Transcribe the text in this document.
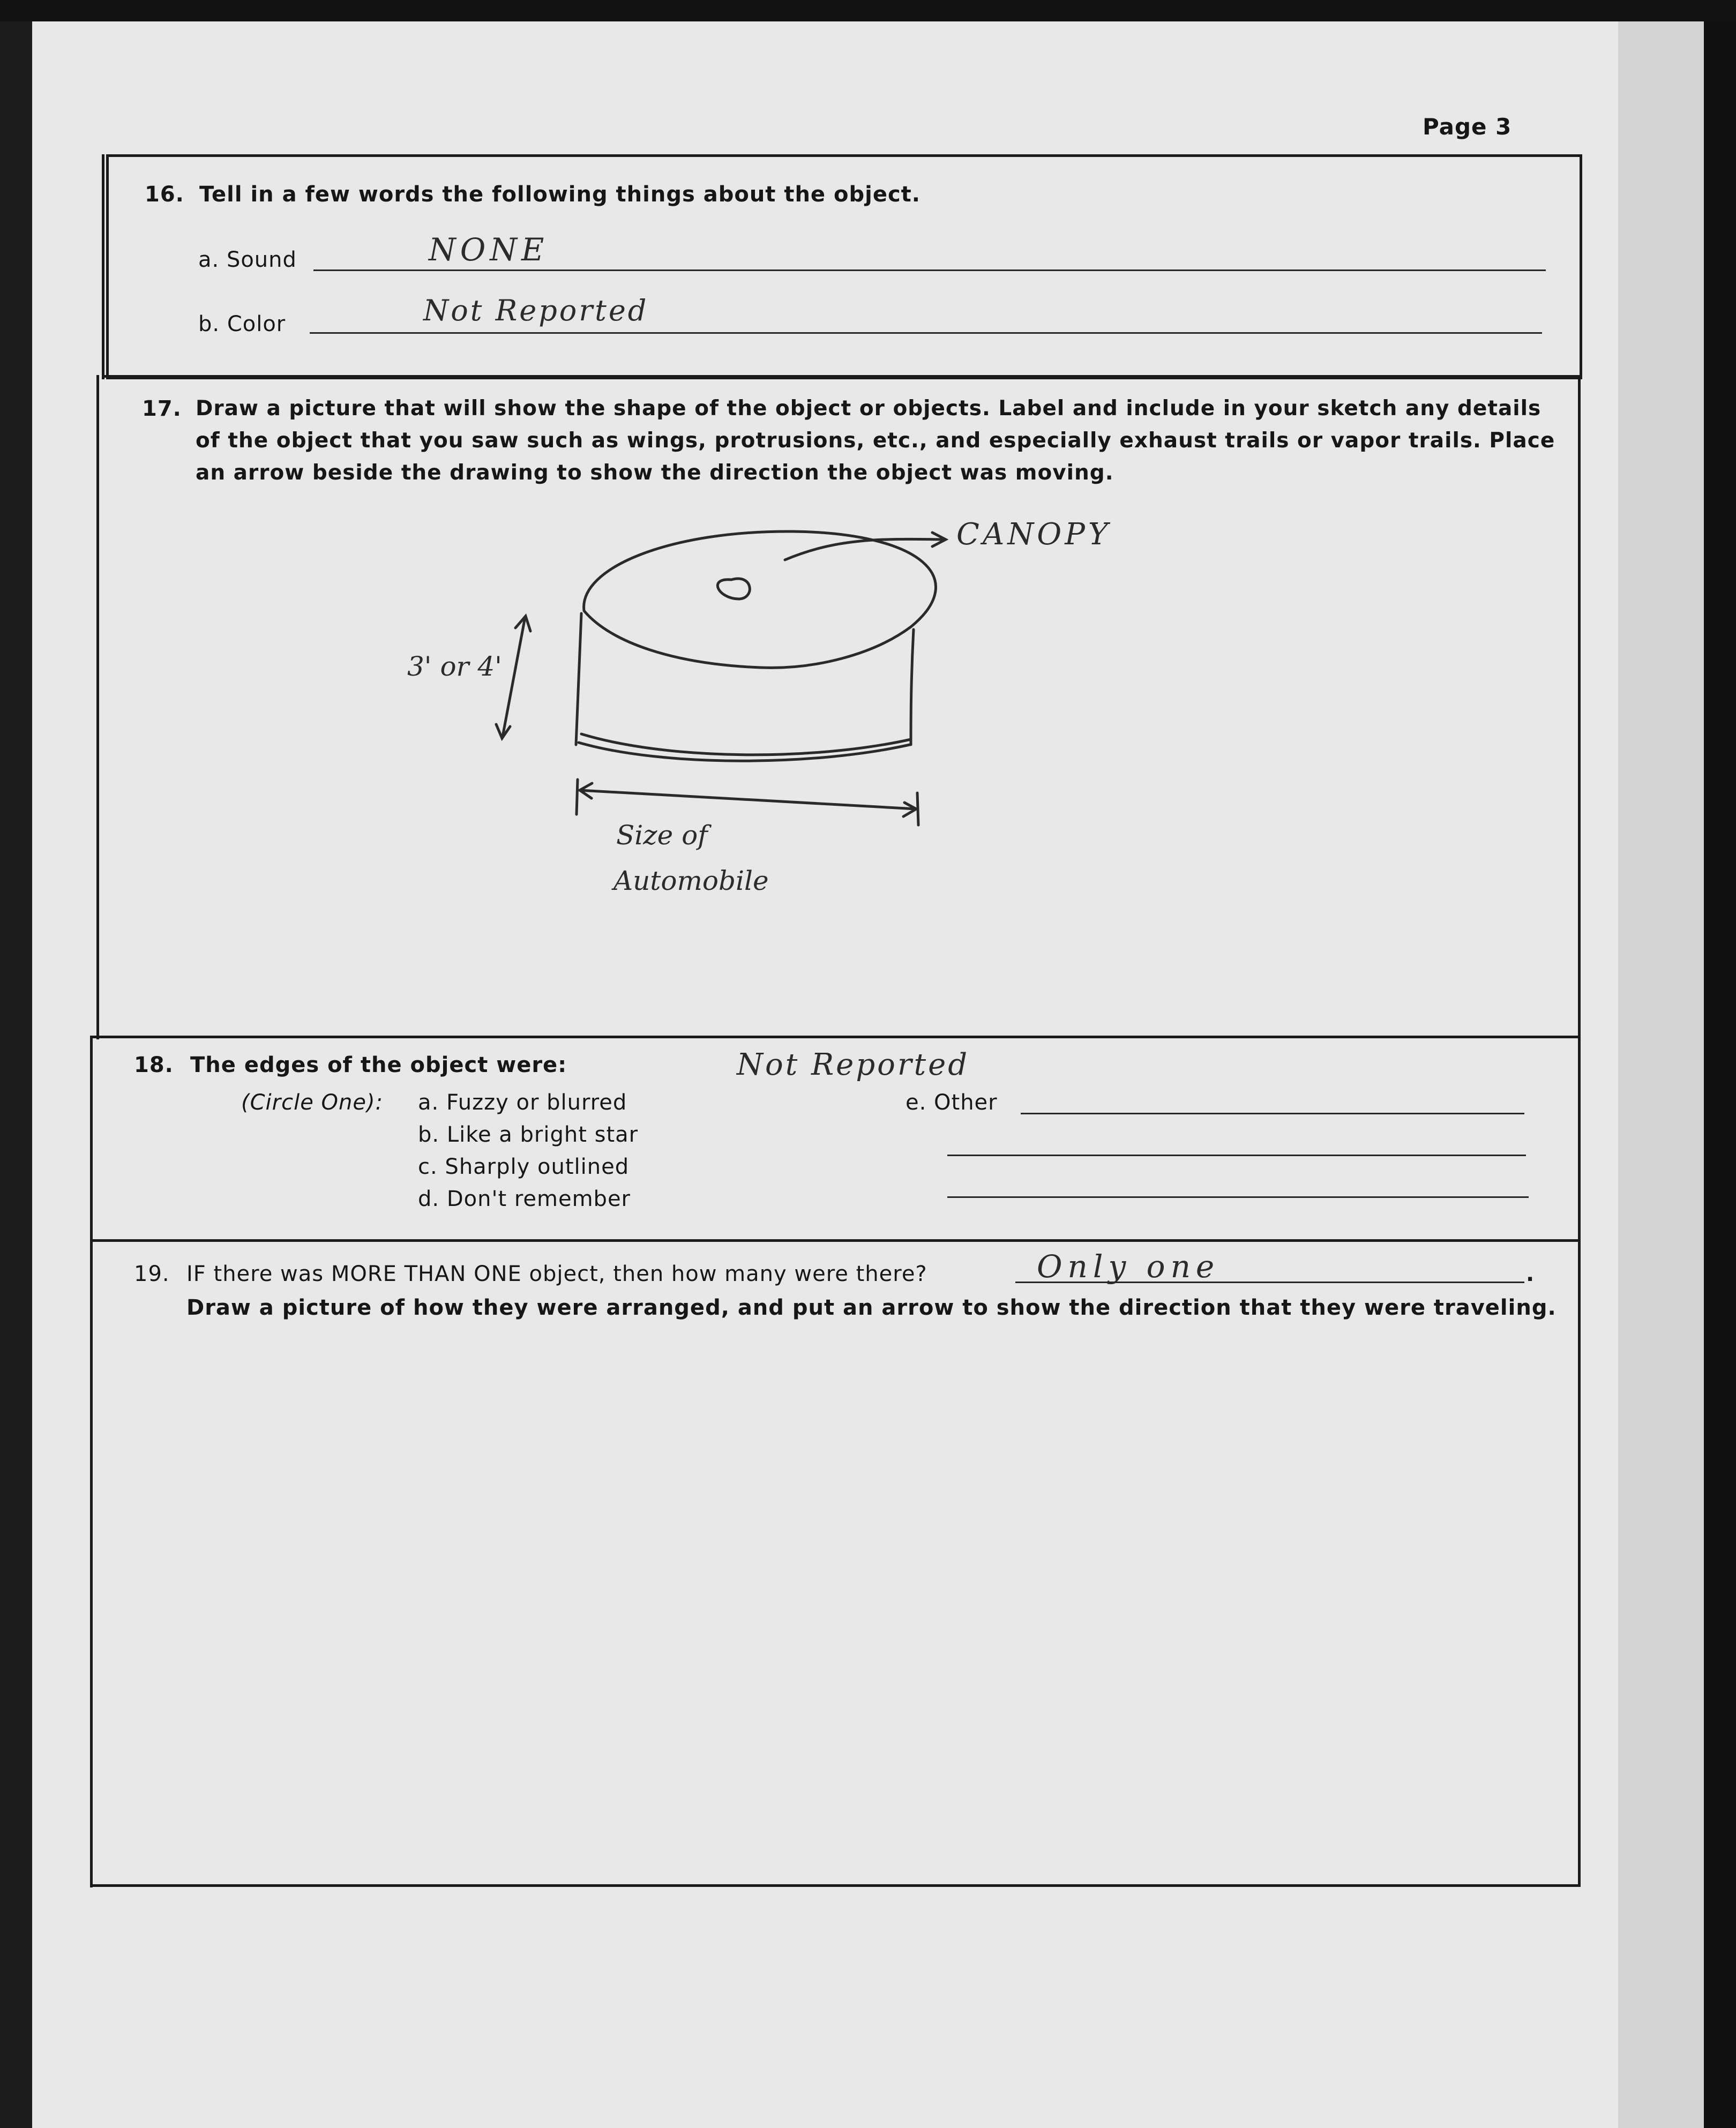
Page 3
16. Tell in a few words the following things about the object.
a. Sound	NONE
b. Color	Not Reported
17. Draw a picture that will show the shape of the object or objects. Label and include in your sketch any details
of the object that you saw such as wings, protrusions, etc., and especially exhaust trails or vapor trails. Place
an arrow beside the drawing to show the direction the object was moving.
CANOPY
3' or 4'
Size of
Automobile
18. The edges of the object were:	Not Reported
(Circle One): a. Fuzzy or blurred
b. Like a bright star
c. Sharply outlined
d. Don't remember
e. Other
19. IF there was MORE THAN ONE object, then how many were there?	Only one	.
Draw a picture of how they were arranged, and put an arrow to show the direction that they were traveling.
